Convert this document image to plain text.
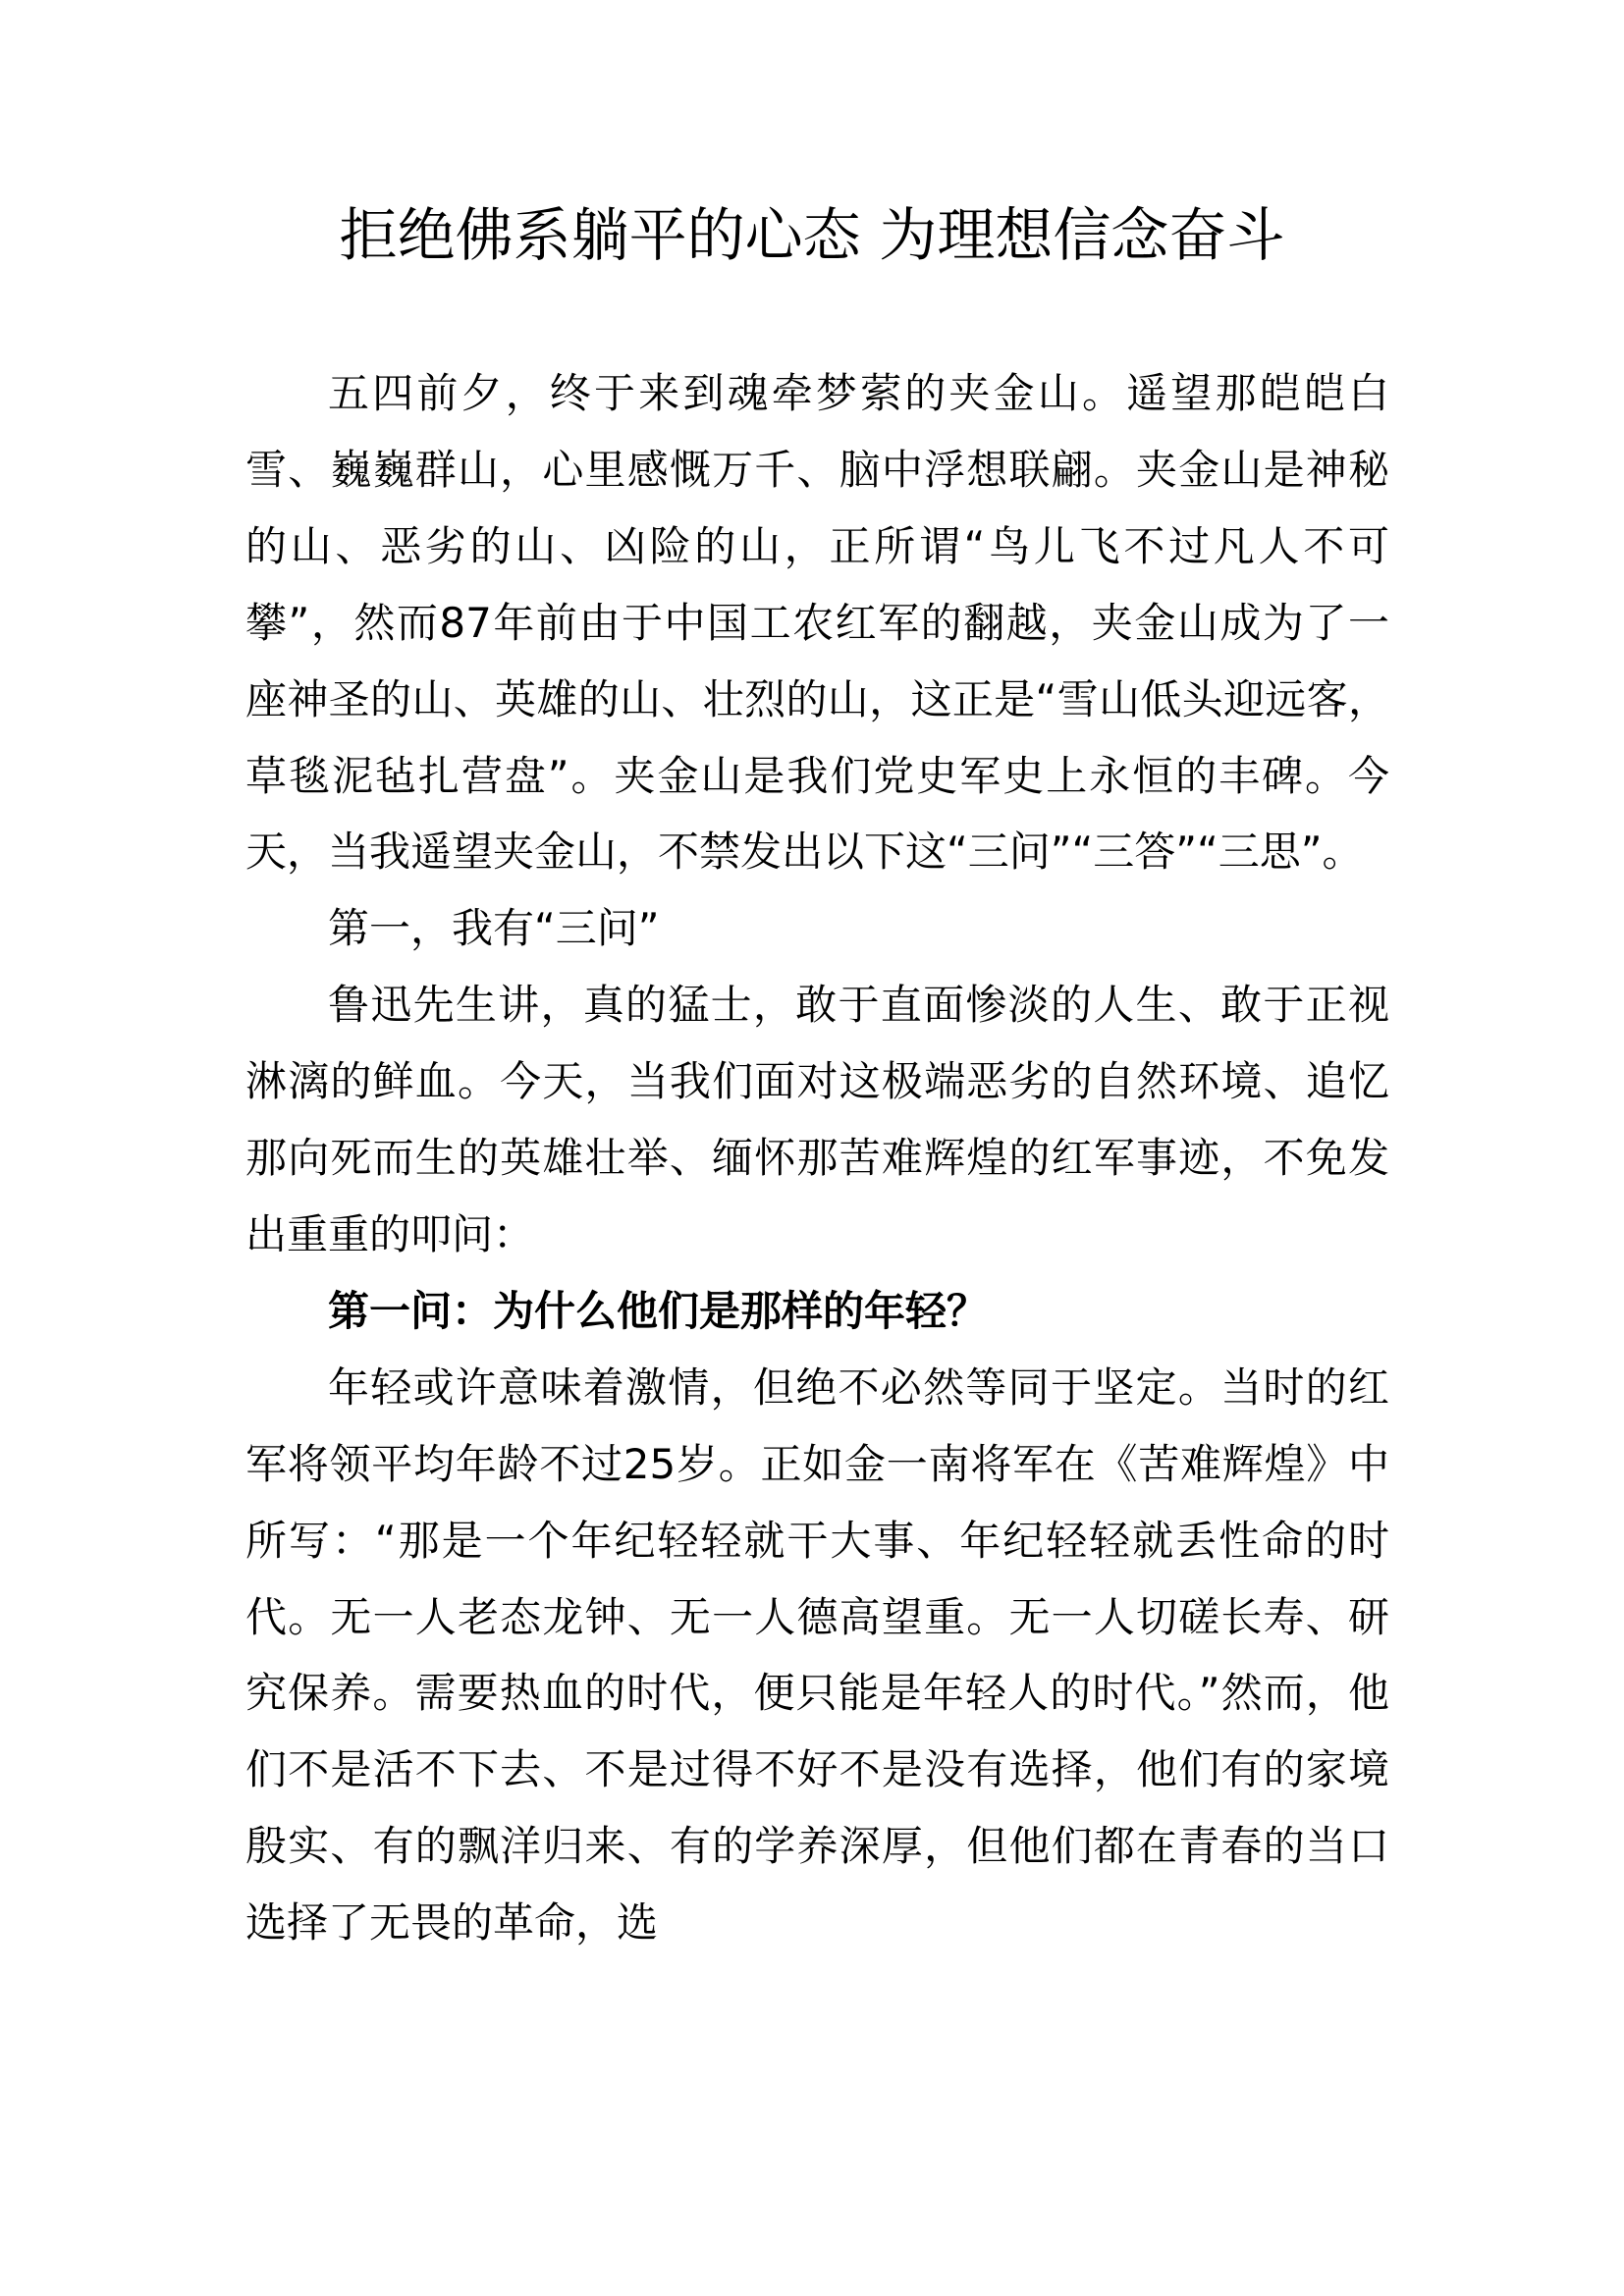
拒绝佛系躺平的心态 为理想信念奋斗

五四前夕，终于来到魂牵梦萦的夹金山。遥望那皑皑白雪、巍巍群山，心里感慨万千、脑中浮想联翩。夹金山是神秘的山、恶劣的山、凶险的山，正所谓“鸟儿飞不过凡人不可攀”，然而87年前由于中国工农红军的翻越，夹金山成为了一座神圣的山、英雄的山、壮烈的山，这正是“雪山低头迎远客，草毯泥毡扎营盘”。夹金山是我们党史军史上永恒的丰碑。今天，当我遥望夹金山，不禁发出以下这“三问”“三答”“三思”。

第一，我有“三问”

鲁迅先生讲，真的猛士，敢于直面惨淡的人生、敢于正视淋漓的鲜血。今天，当我们面对这极端恶劣的自然环境、追忆那向死而生的英雄壮举、缅怀那苦难辉煌的红军事迹，不免发出重重的叩问：

第一问：为什么他们是那样的年轻？

年轻或许意味着激情，但绝不必然等同于坚定。当时的红军将领平均年龄不过25岁。正如金一南将军在《苦难辉煌》中所写：“那是一个年纪轻轻就干大事、年纪轻轻就丢性命的时代。无一人老态龙钟、无一人德高望重。无一人切磋长寿、研究保养。需要热血的时代，便只能是年轻人的时代。”然而，他们不是活不下去、不是过得不好不是没有选择，他们有的家境殷实、有的飘洋归来、有的学养深厚，但他们都在青春的当口选择了无畏的革命，选
